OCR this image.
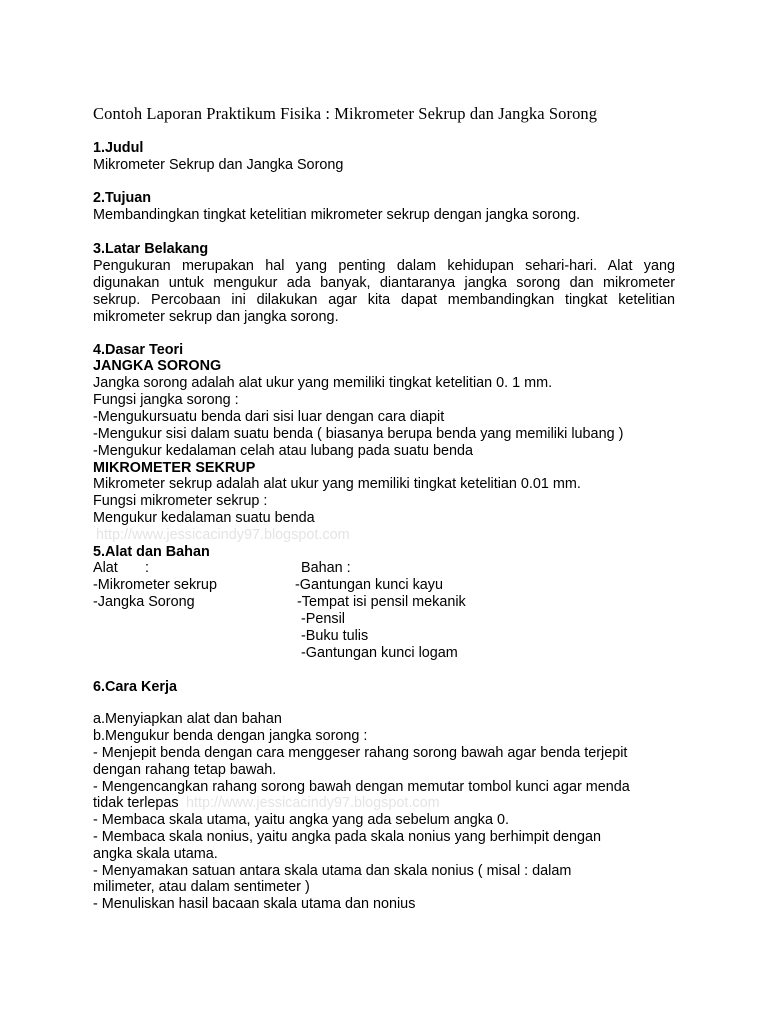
Contoh Laporan Praktikum Fisika : Mikrometer Sekrup dan Jangka Sorong
1.Judul
Mikrometer Sekrup dan Jangka Sorong
2.Tujuan
Membandingkan tingkat ketelitian mikrometer sekrup dengan jangka sorong.
3.Latar Belakang
Pengukuran merupakan hal yang penting dalam kehidupan sehari-hari. Alat yang digunakan untuk mengukur ada banyak, diantaranya jangka sorong dan mikrometer sekrup. Percobaan ini dilakukan agar kita dapat membandingkan tingkat ketelitian mikrometer sekrup dan jangka sorong.
4.Dasar Teori
JANGKA SORONG
Jangka sorong adalah alat ukur yang memiliki tingkat ketelitian 0. 1 mm.
Fungsi jangka sorong :
-Mengukursuatu benda dari sisi luar dengan cara diapit
-Mengukur sisi dalam suatu benda ( biasanya berupa benda yang memiliki lubang )
-Mengukur kedalaman celah atau lubang pada suatu benda
MIKROMETER SEKRUP
Mikrometer sekrup adalah alat ukur yang memiliki tingkat ketelitian 0.01 mm.
Fungsi mikrometer sekrup :
Mengukur kedalaman suatu benda
http://www.jessicacindy97.blogspot.com
5.Alat dan Bahan
Alat :	Bahan :
-Mikrometer sekrup
-Jangka Sorong
-Gantungan kunci kayu
-Tempat isi pensil mekanik
-Pensil
-Buku tulis
-Gantungan kunci logam
6.Cara Kerja
a.Menyiapkan alat dan bahan
b.Mengukur benda dengan jangka sorong :
- Menjepit benda dengan cara menggeser rahang sorong bawah agar benda terjepit
dengan rahang tetap bawah.
- Mengencangkan rahang sorong bawah dengan memutar tombol kunci agar menda
tidak terlepas http://www.jessicacindy97.blogspot.com
- Membaca skala utama, yaitu angka yang ada sebelum angka 0.
- Membaca skala nonius, yaitu angka pada skala nonius yang berhimpit dengan
angka skala utama.
- Menyamakan satuan antara skala utama dan skala nonius ( misal : dalam
milimeter, atau dalam sentimeter )
- Menuliskan hasil bacaan skala utama dan nonius
